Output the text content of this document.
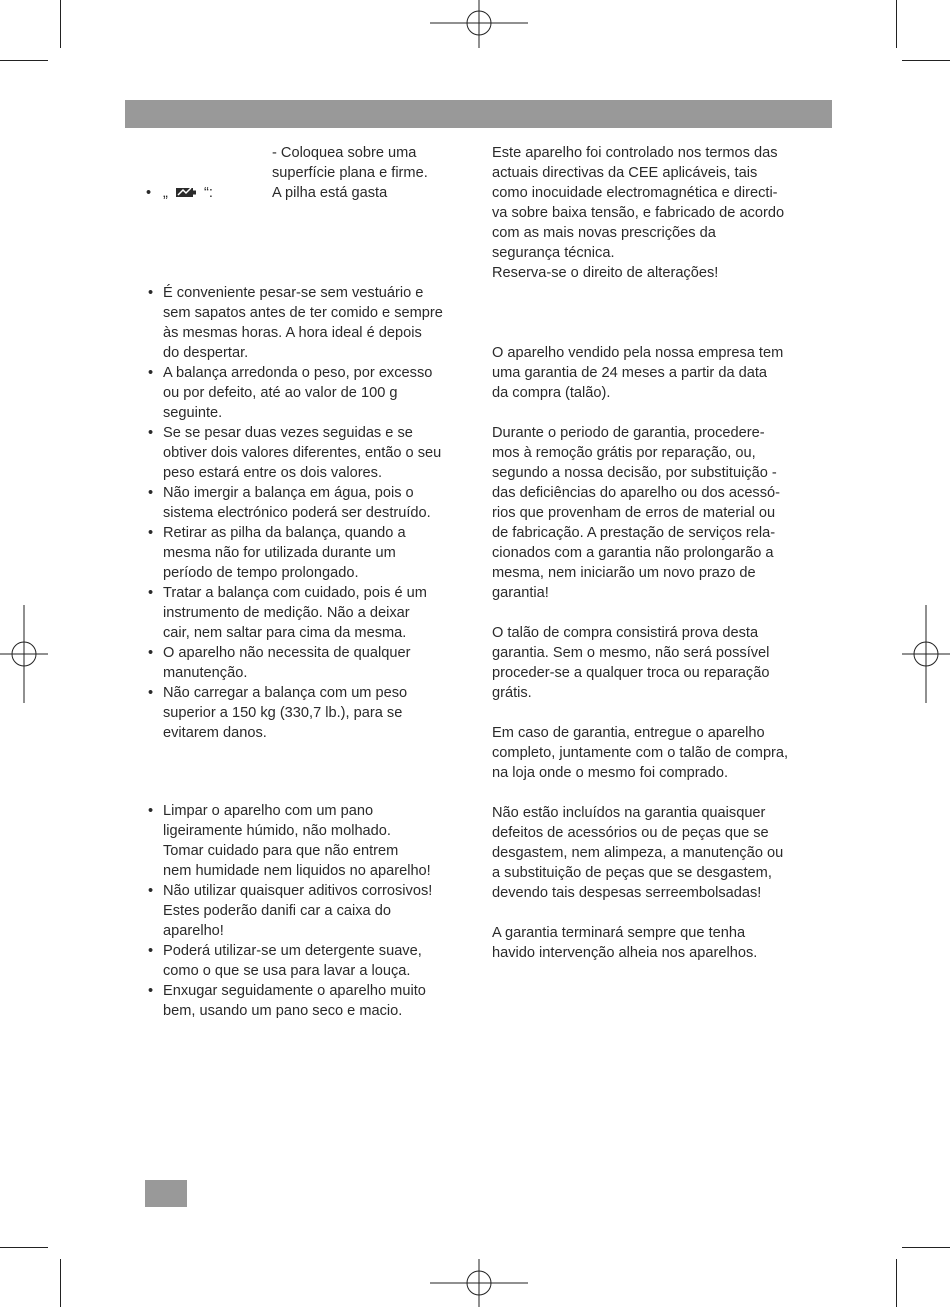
- Coloquea sobre uma
superfície plana e firme.
• „ “:	A pilha está gasta
• É conveniente pesar-se sem vestuário e
sem sapatos antes de ter comido e sempre
às mesmas horas. A hora ideal é depois
do despertar.
• A balança arredonda o peso, por excesso
ou por defeito, até ao valor de 100 g
seguinte.
• Se se pesar duas vezes seguidas e se
obtiver dois valores diferentes, então o seu
peso estará entre os dois valores.
• Não imergir a balança em água, pois o
sistema electrónico poderá ser destruído.
• Retirar as pilha da balança, quando a
mesma não for utilizada durante um
período de tempo prolongado.
• Tratar a balança com cuidado, pois é um
instrumento de medição. Não a deixar
cair, nem saltar para cima da mesma.
• O aparelho não necessita de qualquer
manutenção.
• Não carregar a balança com um peso
superior a 150 kg (330,7 lb.), para se
evitarem danos.
• Limpar o aparelho com um pano
ligeiramente húmido, não molhado.
Tomar cuidado para que não entrem
nem humidade nem liquidos no aparelho!
• Não utilizar quaisquer aditivos corrosivos!
Estes poderão danifi car a caixa do
aparelho!
• Poderá utilizar-se um detergente suave,
como o que se usa para lavar a louça.
• Enxugar seguidamente o aparelho muito
bem, usando um pano seco e macio.
Este aparelho foi controlado nos termos das
actuais directivas da CEE aplicáveis, tais
como inocuidade electromagnética e directi-
va sobre baixa tensão, e fabricado de acordo
com as mais novas prescrições da
segurança técnica.
Reserva-se o direito de alterações!
O aparelho vendido pela nossa empresa tem
uma garantia de 24 meses a partir da data
da compra (talão).
Durante o periodo de garantia, procedere-
mos à remoção grátis por reparação, ou,
segundo a nossa decisão, por substituição -
das deficiências do aparelho ou dos acessó-
rios que provenham de erros de material ou
de fabricação. A prestação de serviços rela-
cionados com a garantia não prolongarão a
mesma, nem iniciarão um novo prazo de
garantia!
O talão de compra consistirá prova desta
garantia. Sem o mesmo, não será possível
proceder-se a qualquer troca ou reparação
grátis.
Em caso de garantia, entregue o aparelho
completo, juntamente com o talão de compra,
na loja onde o mesmo foi comprado.
Não estão incluídos na garantia quaisquer
defeitos de acessórios ou de peças que se
desgastem, nem alimpeza, a manutenção ou
a substituição de peças que se desgastem,
devendo tais despesas serreembolsadas!
A garantia terminará sempre que tenha
havido intervenção alheia nos aparelhos.
